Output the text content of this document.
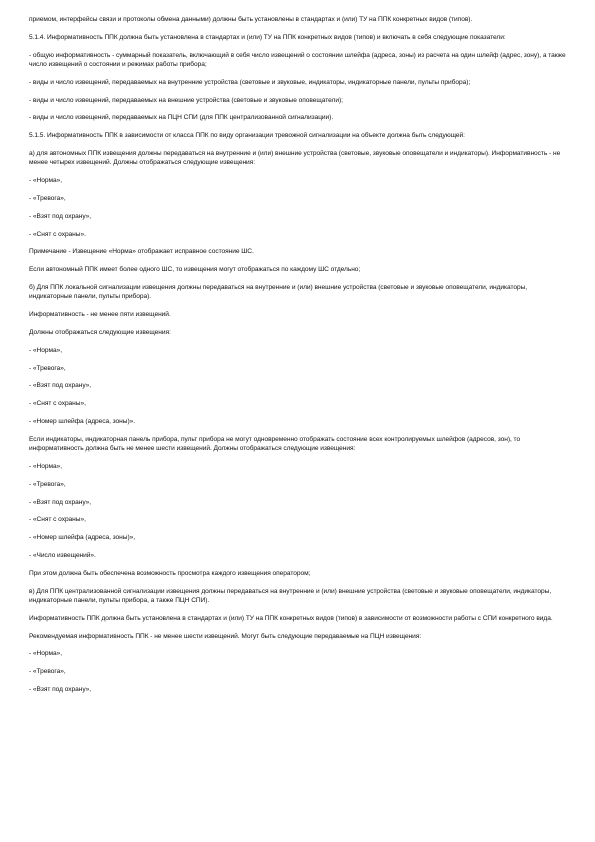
приемом, интерфейсы связи и протоколы обмена данными) должны быть установлены в стандартах и (или) ТУ на ППК конкретных видов (типов).

5.1.4. Информативность ППК должна быть установлена в стандартах и (или) ТУ на ППК конкретных видов (типов) и включать в себя следующие показатели:

- общую информативность - суммарный показатель, включающий в себя число извещений о состоянии шлейфа (адреса, зоны) из расчета на один шлейф (адрес, зону), а также число извещений о состоянии и режимах работы прибора;

- виды и число извещений, передаваемых на внутренние устройства (световые и звуковые, индикаторы, индикаторные панели, пульты прибора);

- виды и число извещений, передаваемых на внешние устройства (световые и звуковые оповещатели);

- виды и число извещений, передаваемых на ПЦН СПИ (для ППК централизованной сигнализации).

5.1.5. Информативность ППК в зависимости от класса ППК по виду организации тревожной сигнализации на объекте должна быть следующей:

а) для автономных ППК извещения должны передаваться на внутренние и (или) внешние устройства (световые, звуковые оповещатели и индикаторы). Информативность - не менее четырех извещений. Должны отображаться следующие извещения:

- «Норма»,

- «Тревога»,

- «Взят под охрану»,

- «Снят с охраны».

Примечание - Извещение «Норма» отображает исправное состояние ШС.

Если автономный ППК имеет более одного ШС, то извещения могут отображаться по каждому ШС отдельно;

б) Для ППК локальной сигнализации извещения должны передаваться на внутренние и (или) внешние устройства (световые и звуковые оповещатели, индикаторы, индикаторные панели, пульты прибора).

Информативность - не менее пяти извещений.

Должны отображаться следующие извещения:

- «Норма»,

- «Тревога»,

- «Взят под охрану»,

- «Снят с охраны»,

- «Номер шлейфа (адреса, зоны)».

Если индикаторы, индикаторная панель прибора, пульт прибора не могут одновременно отображать состояние всех контролируемых шлейфов (адресов, зон), то информативность должна быть не менее шести извещений. Должны отображаться следующие извещения:

- «Норма»,

- «Тревога»,

- «Взят под охрану»,

- «Снят с охраны»,

- «Номер шлейфа (адреса, зоны)»,

- «Число извещений».

При этом должна быть обеспечена возможность просмотра каждого извещения оператором;

в) Для ППК централизованной сигнализации извещения должны передаваться на внутренние и (или) внешние устройства (световые и звуковые оповещатели, индикаторы, индикаторные панели, пульты прибора, а также ПЦН СПИ).

Информативность ППК должна быть установлена в стандартах и (или) ТУ на ППК конкретных видов (типов) в зависимости от возможности работы с СПИ конкретного вида.

Рекомендуемая информативность ППК - не менее шести извещений. Могут быть следующие передаваемые на ПЦН извещения:

- «Норма»,

- «Тревога»,

- «Взят под охрану»,
